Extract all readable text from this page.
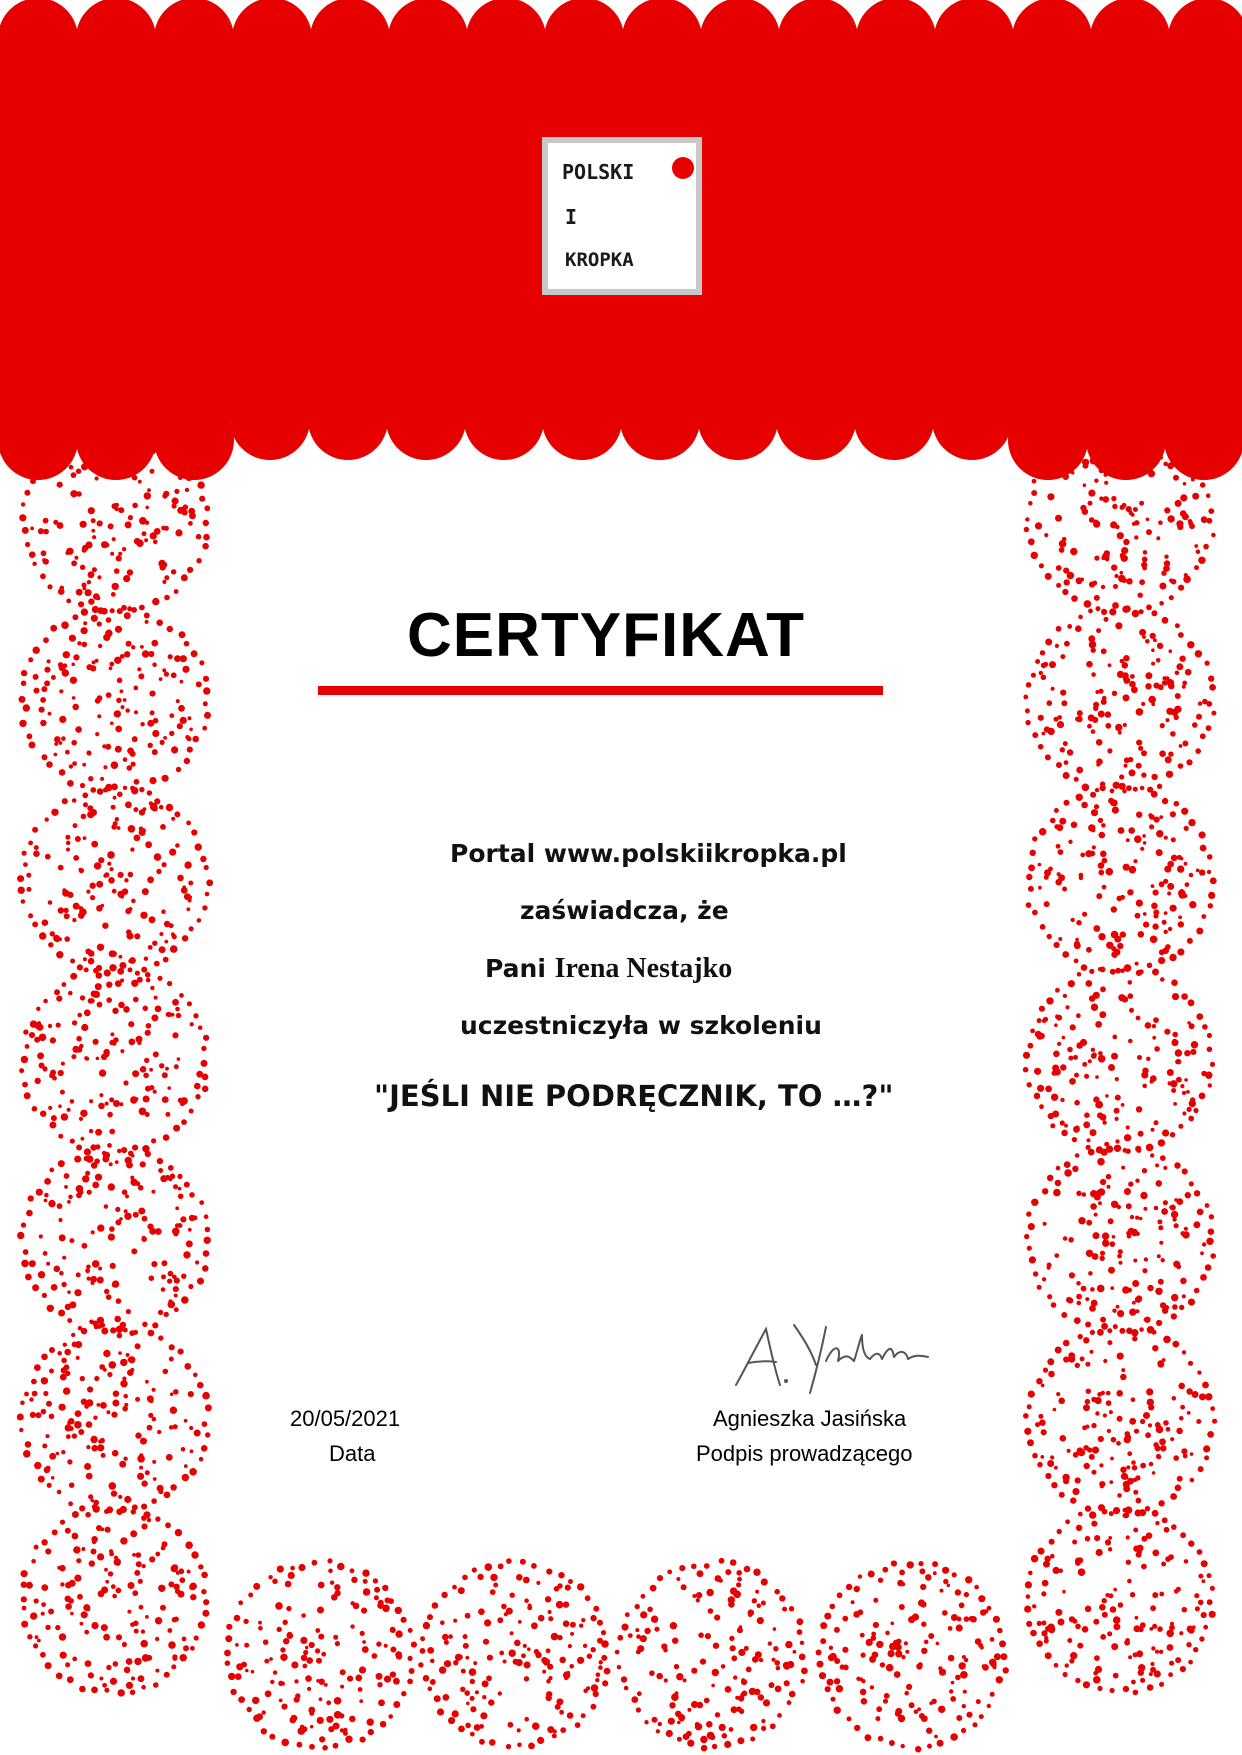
POLSKI
I
KROPKA
CERTYFIKAT
Portal www.polskiikropka.pl
zaświadcza, że
Pani Irena Nestajko
uczestniczyła w szkoleniu
"JEŚLI NIE PODRĘCZNIK, TO …?"
20/05/2021
Data
Agnieszka Jasińska
Podpis prowadzącego
